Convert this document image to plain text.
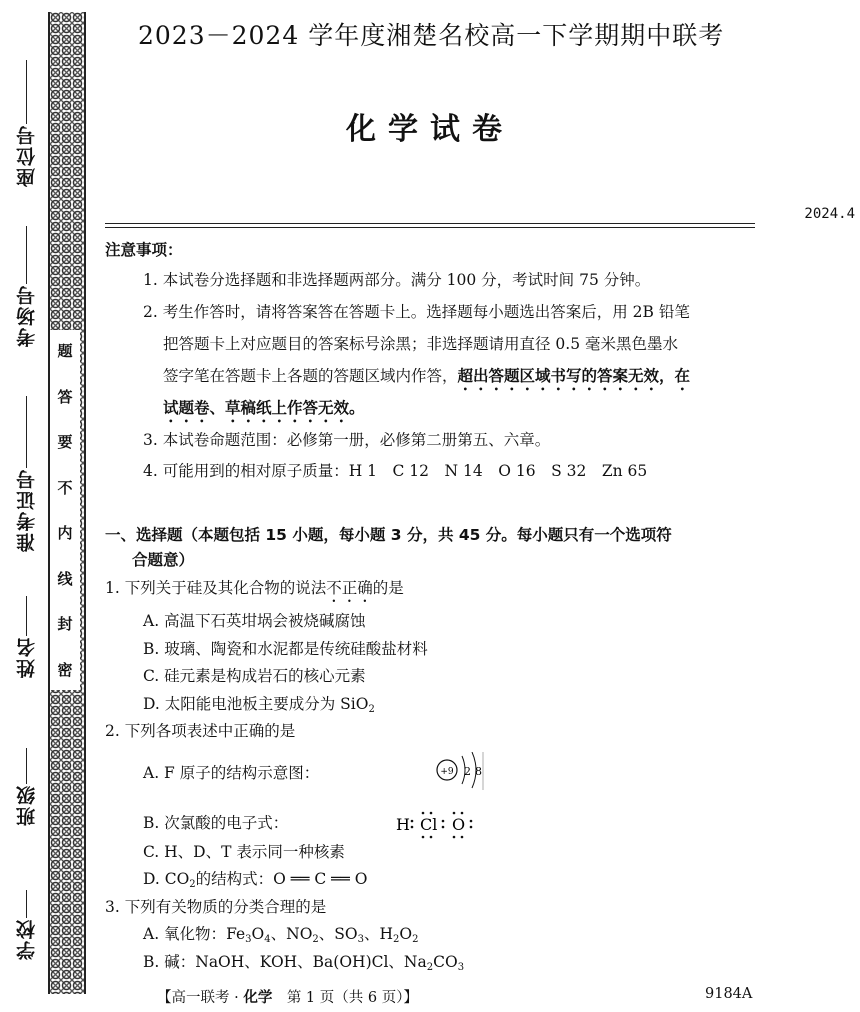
座位号
考场号
准考证号
姓名
班级
学校
题
答
要
不
内
线
封
密
2023－2024 学年度湘楚名校高一下学期期中联考
化学试卷
2024.4
注意事项：
1. 本试卷分选择题和非选择题两部分。满分 100 分，考试时间 75 分钟。
2. 考生作答时，请将答案答在答题卡上。选择题每小题选出答案后，用 2B 铅笔
把答题卡上对应题目的答案标号涂黑；非选择题请用直径 0.5 毫米黑色墨水
签字笔在答题卡上各题的答题区域内作答，超出答题区域书写的答案无效，在
试题卷、草稿纸上作答无效。
3. 本试卷命题范围：必修第一册，必修第二册第五、六章。
4. 可能用到的相对原子质量：H 1　C 12　N 14　O 16　S 32　Zn 65
一、选择题（本题包括 15 小题，每小题 3 分，共 45 分。每小题只有一个选项符
合题意）
1. 下列关于硅及其化合物的说法不正确的是
A. 高温下石英坩埚会被烧碱腐蚀
B. 玻璃、陶瓷和水泥都是传统硅酸盐材料
C. 硅元素是构成岩石的核心元素
D. 太阳能电池板主要成分为 SiO$_2$
2. 下列各项表述中正确的是
A. F 原子的结构示意图：	+9 2 8
B. 次氯酸的电子式：	H Cl O
C. H、D、T 表示同一种核素
D. $CO_2$的结构式：O ══ C ══ O
3. 下列有关物质的分类合理的是
A. 氧化物：$Fe_3O_4$、$NO_2$、$SO_3$、$H_2O_2$
B. 碱：NaOH、KOH、Ba(OH)Cl、$Na_2CO_3$
【高一联考 · 化学　第 1 页（共 6 页）】	9184A
